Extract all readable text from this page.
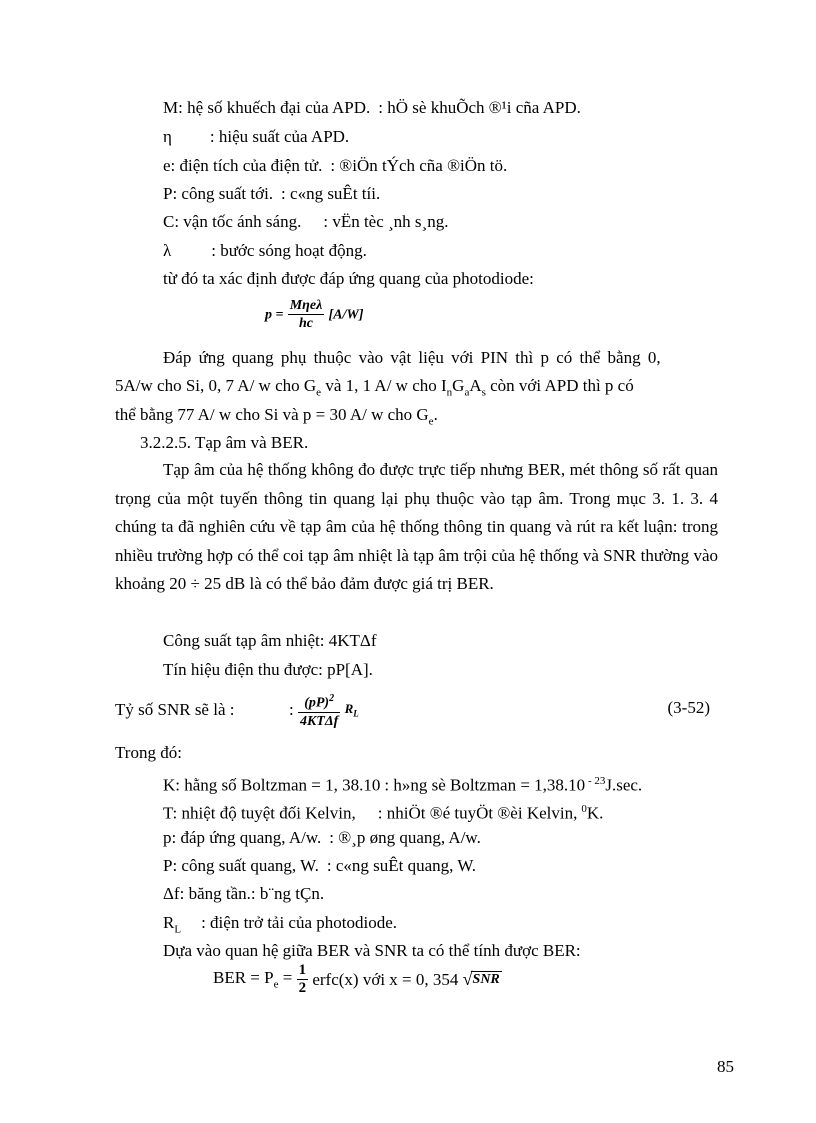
M: hệ số khuếch đại của APD. : hÖ sè khuÕch ®¹i cña APD.
η : hiệu suất của APD.
e: điện tích của điện tử. : ®iÖn tÝch cña ®iÖn tö.
P: công suất tới. : c«ng suÊt tíi.
C: vận tốc ánh sáng. : vËn tèc ¸nh s¸ng.
λ : bước sóng hoạt động.
từ đó ta xác định được đáp ứng quang của photodiode:
$p = \frac{\text{Mηeλ}}{hc} [A/W]$
Đáp ứng quang phụ thuộc vào vật liệu với PIN thì p có thể bằng 0,
5A/w cho Si, 0, 7 A/ w cho $G_e$ và 1, 1 A/ w cho $I_nG_aA_s$ còn với APD thì p có
thể bằng 77 A/ w cho Si và p = 30 A/ w cho $G_e$.
3.2.2.5. Tạp âm và BER.
Tạp âm của hệ thống không đo được trực tiếp nhưng BER, mét thông số rất quan trọng của một tuyến thông tin quang lại phụ thuộc vào tạp âm. Trong mục 3. 1. 3. 4 chúng ta đã nghiên cứu về tạp âm của hệ thống thông tin quang và rút ra kết luận: trong nhiều trường hợp có thể coi tạp âm nhiệt là tạp âm trội của hệ thống và SNR thường vào khoảng 20 ÷ 25 dB là có thể bảo đảm được giá trị BER.
Công suất tạp âm nhiệt: 4KTΔf
Tín hiệu điện thu được: pP[A].
Tỷ số SNR sẽ là :	: $\frac{(pP)^2}{\text{4KTΔf}} R_L$	(3-52)
Trong đó:
K: hằng số Boltzman = 1, 38.10 : h»ng sè Boltzman = 1,38.10 $^{- 23}$J.sec.
T: nhiệt độ tuyệt đối Kelvin, : nhiÖt ®é tuyÖt ®èi Kelvin, $^0$K.
p: đáp ứng quang, A/w. : ®¸p øng quang, A/w.
P: công suất quang, W. : c«ng suÊt quang, W.
Δf: băng tần.: b¨ng tÇn.
$R_L$ : điện trở tải của photodiode.
Dựa vào quan hệ giữa BER và SNR ta có thể tính được BER:
BER = $P_e = \frac{1}{2}$ erfc(x) với x = 0, 354 √SNR
85
